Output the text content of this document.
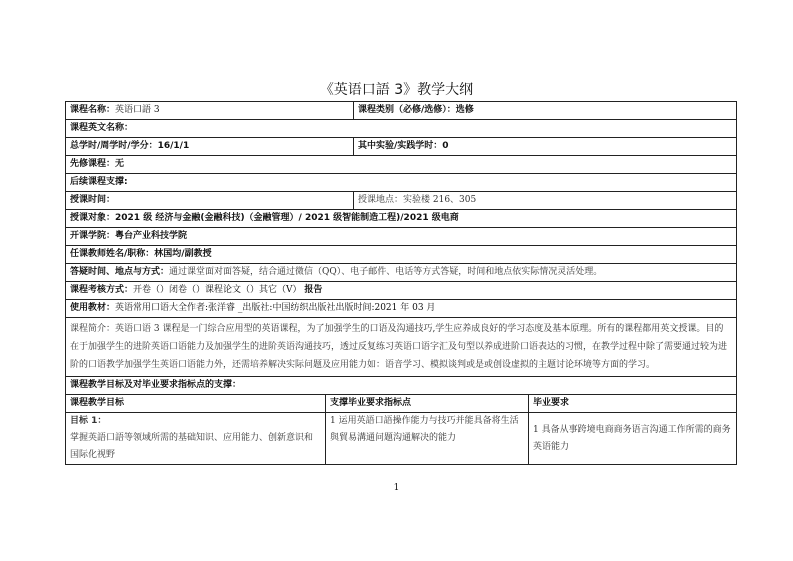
《英语口語 3》教学大纲
课程名称：英语口語 3		课程类别（必修/选修）：选修	
课程英文名称：			
总学时/周学时/学分：16/1/1		其中实验/实践学时：0	
先修课程：无			
后续课程支撑:			
授课时间：		授课地点：实验楼 216、305	
授课对象：2021 级 经济与金融(金融科技)（金融管理）/ 2021 级智能制造工程)/2021 级电商			
开课学院：粤台产业科技学院			
任课教师姓名/职称：林国均/副教授			
答疑时间、地点与方式：通过课堂面对面答疑，结合通过微信（QQ）、电子邮件、电话等方式答疑，时间和地点依实际情况灵活处理。			
课程考核方式：开卷（）闭卷（）课程论文（）其它（V） 报告			
使用教材：英语常用口语大全作者:张洋睿 _出版社:中国纺织出版社出版时间:2021 年 03 月			
课程简介：英语口语 3 课程是一门综合应用型的英语课程，为了加强学生的口语及沟通技巧,学生应养成良好的学习态度及基本原理。所有的课程都用英文授课。目的在于加强学生的进阶英语口语能力及加强学生的进阶英语沟通技巧，透过反复练习英语口语字汇及句型以养成进阶口语表达的习惯，在教学过程中除了需要通过较为进阶的口语教学加强学生英语口语能力外，还需培养解决实际问题及应用能力如：语音学习、模拟谈判或是或创设虚拟的主题讨论环境等方面的学习。			
课程教学目标及对毕业要求指标点的支撑：			
课程教学目标	支撑毕业要求指标点		毕业要求
目标 1：
掌握英語口語等领域所需的基础知识、应用能力、创新意识和国际化视野	1 运用英語口語操作能力与技巧并能具备将生活與貿易溝通问題沟通解决的能力		1 具备从事跨境电商商务语言沟通工作所需的商务英语能力
1
